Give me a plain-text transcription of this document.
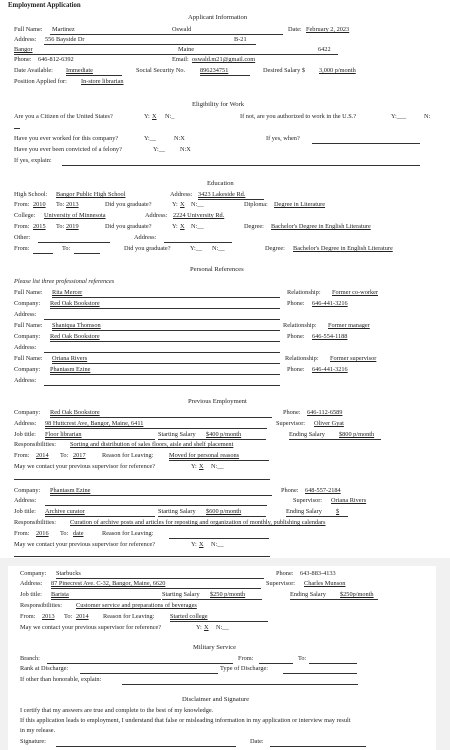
Employment Application
Applicant Information
Full Name: Martinez	Oswald	Date: February 2, 2023
Address: 556 Bayside Dr	B-21
Bangor	Maine	6422
Phone: 646-812-6392	Email: oswald.m21@gmail.com
Date Available: Immediate	Social Security No. 896234751	Desired Salary $ 3,000 p/month
Position Applied for: In-store librarian
Eligibility for Work
Are you a Citizen of the United States?	Y: X N:_	If not, are you authorized to work in the U.S.?	Y:___	N:
Have you ever worked for this company?	Y:__	N:X	If yes, when?
Have you ever been convicted of a felony?	Y:__ N:X
If yes, explain:
Education
High School: Bangor Public High School	Address: 3423 Lakeside Rd.
From: 2010 To: 2013	Did you graduate?	Y: X N:__	Diploma: Degree in Literature
College: University of Minnesota	Address: 2224 University Rd.
From: 2015 To: 2019	Did you graduate?	Y: X N:__	Degree: Bachelor's Degree in English Literature
Other:	Address:
From:	To:	Did you graduate?	Y:__ N:__	Degree: Bachelor's Degree in English Literature
Personal References
Please list three professional references
Full Name: Rita Mercer	Relationship: Former co-worker
Company: Red Oak Bookstore	Phone: 646-441-3216
Address:
Full Name: Shaniqua Thomson	Relationship: Former manager
Company: Red Oak Bookstore	Phone: 646-554-1188
Address:
Full Name: Oriana Rivers	Relationship: Former supervisor
Company: Phantasm Ezine	Phone: 646-441-3216
Address:
Previous Employment
Company: Red Oak Bookstore	Phone: 646-112-6589
Address: 98 Huttcrest Ave, Bangor, Maine, 6411	Supervisor: Oliver Gyat
Job title: Floor librarian	Starting Salary $400 p/month	Ending Salary $800 p/month
Responsibilities: Sorting and distribution of sales floors, aisle and shelf placement
From: 2014 To: 2017	Reason for Leaving: Moved for personal reasons
May we contact your previous supervisor for reference?	Y: X N:__
Company: Phantasm Ezine	Phone: 648-557-2184
Address:	Supervisor: Oriana Rivers
Job title: Archive curator	Starting Salary $600 p/month	Ending Salary $
Responsibilities: Curation of archive posts and articles for reposting and organization of monthly, publishing calendars
From: 2016 To: date	Reason for Leaving:
May we contact your previous supervisor for reference?	Y: X N:__
Company: Starbucks	Phone: 643-883-4133
Address: 87 Pinecrest Ave. C-32, Bangor, Maine, 6620	Supervisor: Charles Munson
Job title: Barista	Starting Salary $250 p/month	Ending Salary $250p/month
Responsibilities: Customer service and preparations of beverages
From: 2013 To: 2014 Reason for Leaving: Started college
May we contact your previous supervisor for reference?	Y: X N:__
Military Service
Branch:	From:	To:
Rank at Discharge:	Type of Discharge:
If other than honorable, explain:
Disclaimer and Signature
I certify that my answers are true and complete to the best of my knowledge.
If this application leads to employment, I understand that false or misleading information in my application or interview may result
in my release.
Signature:	Date:
